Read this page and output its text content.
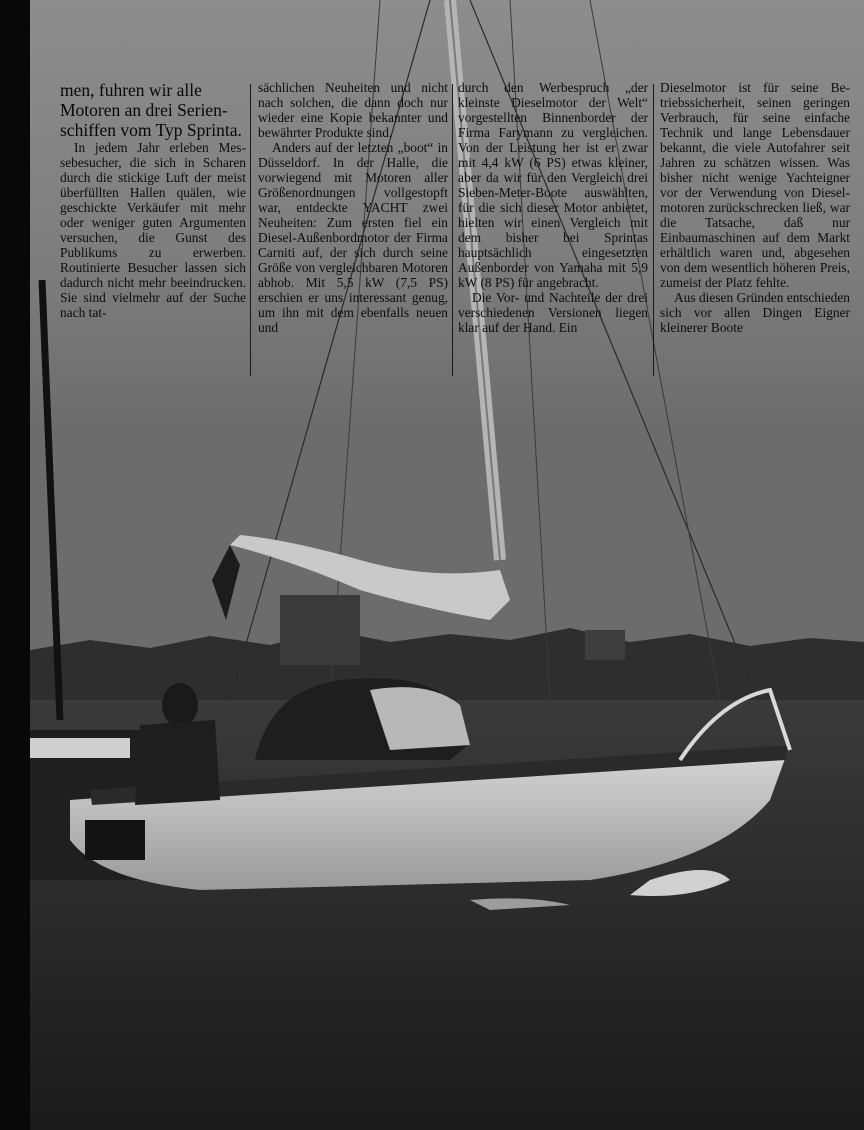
men, fuhren wir alle Motoren an drei Serienschiffen vom Typ Sprinta.

In jedem Jahr erleben Messebesucher, die sich in Scharen durch die stickige Luft der meist überfüllten Hallen quälen, wie geschickte Verkäufer mit mehr oder weniger guten Argumenten versuchen, die Gunst des Publikums zu erwerben. Routinierte Besucher lassen sich dadurch nicht mehr beeindrucken. Sie sind vielmehr auf der Suche nach tat-

sächlichen Neuheiten und nicht nach solchen, die dann doch nur wieder eine Kopie bekannter und bewährter Produkte sind.

Anders auf der letzten „boot“ in Düsseldorf. In der Halle, die vorwiegend mit Motoren aller Größenordnungen vollgestopft war, entdeckte YACHT zwei Neuheiten: Zum ersten fiel ein Diesel-Außenbordmotor der Firma Carniti auf, der sich durch seine Größe von vergleichbaren Motoren abhob. Mit 5,5 kW (7,5 PS) erschien er uns interessant genug, um ihn mit dem ebenfalls neuen und

durch den Werbespruch „der kleinste Dieselmotor der Welt“ vorgestellten Binnenborder der Firma Farymann zu vergleichen. Von der Leistung her ist er zwar mit 4,4 kW (6 PS) etwas kleiner, aber da wir für den Vergleich drei Sieben-Meter-Boote auswählten, für die sich dieser Motor anbietet, hielten wir einen Vergleich mit dem bisher bei Sprintas hauptsächlich eingesetzten Außenborder von Yamaha mit 5,9 kW (8 PS) für angebracht.

Die Vor- und Nachteile der drei verschiedenen Versionen liegen klar auf der Hand. Ein

Dieselmotor ist für seine Betriebssicherheit, seinen geringen Verbrauch, für seine einfache Technik und lange Lebensdauer bekannt, die viele Autofahrer seit Jahren zu schätzen wissen. Was bisher nicht wenige Yachteigner vor der Verwendung von Dieselmotoren zurückschrecken ließ, war die Tatsache, daß nur Einbaumaschinen auf dem Markt erhältlich waren und, abgesehen von dem wesentlich höheren Preis, zumeist der Platz fehlte.

Aus diesen Gründen entschieden sich vor allen Dingen Eigner kleinerer Boote
